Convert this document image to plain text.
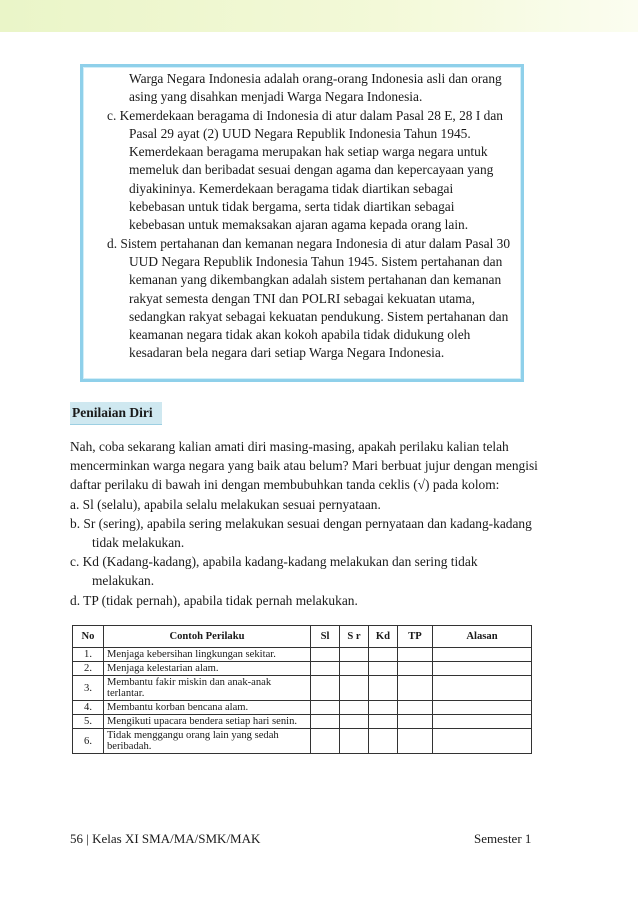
Warga Negara Indonesia adalah orang-orang Indonesia asli dan orang asing yang disahkan menjadi Warga Negara Indonesia.

c. Kemerdekaan beragama di Indonesia di atur dalam Pasal 28 E, 28 I dan Pasal 29 ayat (2) UUD Negara Republik Indonesia Tahun 1945. Kemerdekaan beragama merupakan hak setiap warga negara untuk memeluk dan beribadat sesuai dengan agama dan kepercayaan yang diyakininya. Kemerdekaan beragama tidak diartikan sebagai kebebasan untuk tidak bergama, serta tidak diartikan sebagai kebebasan untuk memaksakan ajaran agama kepada orang lain.

d. Sistem pertahanan dan kemanan negara Indonesia di atur dalam Pasal 30 UUD Negara Republik Indonesia Tahun 1945. Sistem pertahanan dan kemanan yang dikembangkan adalah sistem pertahanan dan kemanan rakyat semesta dengan TNI dan POLRI sebagai kekuatan utama, sedangkan rakyat sebagai kekuatan pendukung. Sistem pertahanan dan keamanan negara tidak akan kokoh apabila tidak didukung oleh kesadaran bela negara dari setiap Warga Negara Indonesia.

Penilaian Diri

Nah, coba sekarang kalian amati diri masing-masing, apakah perilaku kalian telah mencerminkan warga negara yang baik atau belum? Mari berbuat jujur dengan mengisi daftar perilaku di bawah ini dengan membubuhkan tanda ceklis (√) pada kolom:

a. Sl (selalu), apabila selalu melakukan sesuai pernyataan.

b. Sr (sering), apabila sering melakukan sesuai dengan pernyataan dan kadang-kadang tidak melakukan.

c. Kd (Kadang-kadang), apabila kadang-kadang melakukan dan sering tidak melakukan.

d. TP (tidak pernah), apabila tidak pernah melakukan.

No	Contoh Perilaku	Sl	S r	Kd	TP	Alasan
1.	Menjaga kebersihan lingkungan sekitar.					
2.	Menjaga kelestarian alam.					
3.	Membantu fakir miskin dan anak-anak terlantar.					
4.	Membantu korban bencana alam.					
5.	Mengikuti upacara bendera setiap hari senin.					
6.	Tidak menggangu orang lain yang sedah beribadah.					
56 | Kelas XI SMA/MA/SMK/MAK	Semester 1
